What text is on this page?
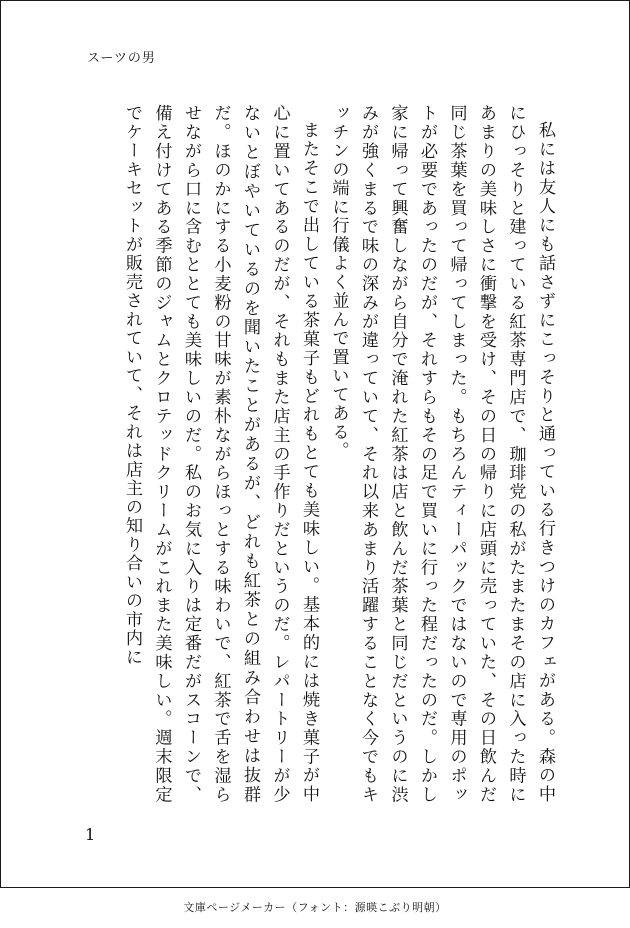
スーツの男

私には友人にも話さずにこっそりと通っている行きつけのカフェがある。森の中にひっそりと建っている紅茶専門店で、珈琲党の私がたまたまその店に入った時にあまりの美味しさに衝撃を受け、その日の帰りに店頭に売っていた、その日飲んだ同じ茶葉を買って帰ってしまった。もちろんティーパックではないので専用のポットが必要であったのだが、それすらもその足で買いに行った程だったのだ。しかし家に帰って興奮しながら自分で淹れた紅茶は店と飲んだ茶葉と同じだというのに渋みが強くまるで味の深みが違っていて、それ以来あまり活躍することなく今でもキッチンの端に行儀よく並んで置いてある。

またそこで出している茶菓子もどれもとても美味しい。基本的には焼き菓子が中心に置いてあるのだが、それもまた店主の手作りだというのだ。レパートリーが少ないとぼやいているのを聞いたことがあるが、どれも紅茶との組み合わせは抜群だ。ほのかにする小麦粉の甘味が素朴ながらほっとする味わいで、紅茶で舌を湿らせながら口に含むととても美味しいのだ。私のお気に入りは定番だがスコーンで、備え付けてある季節のジャムとクロテッドクリームがこれまた美味しい。週末限定でケーキセットが販売されていて、それは店主の知り合いの市内に

1
文庫ページメーカー（フォント：源暎こぶり明朝）
